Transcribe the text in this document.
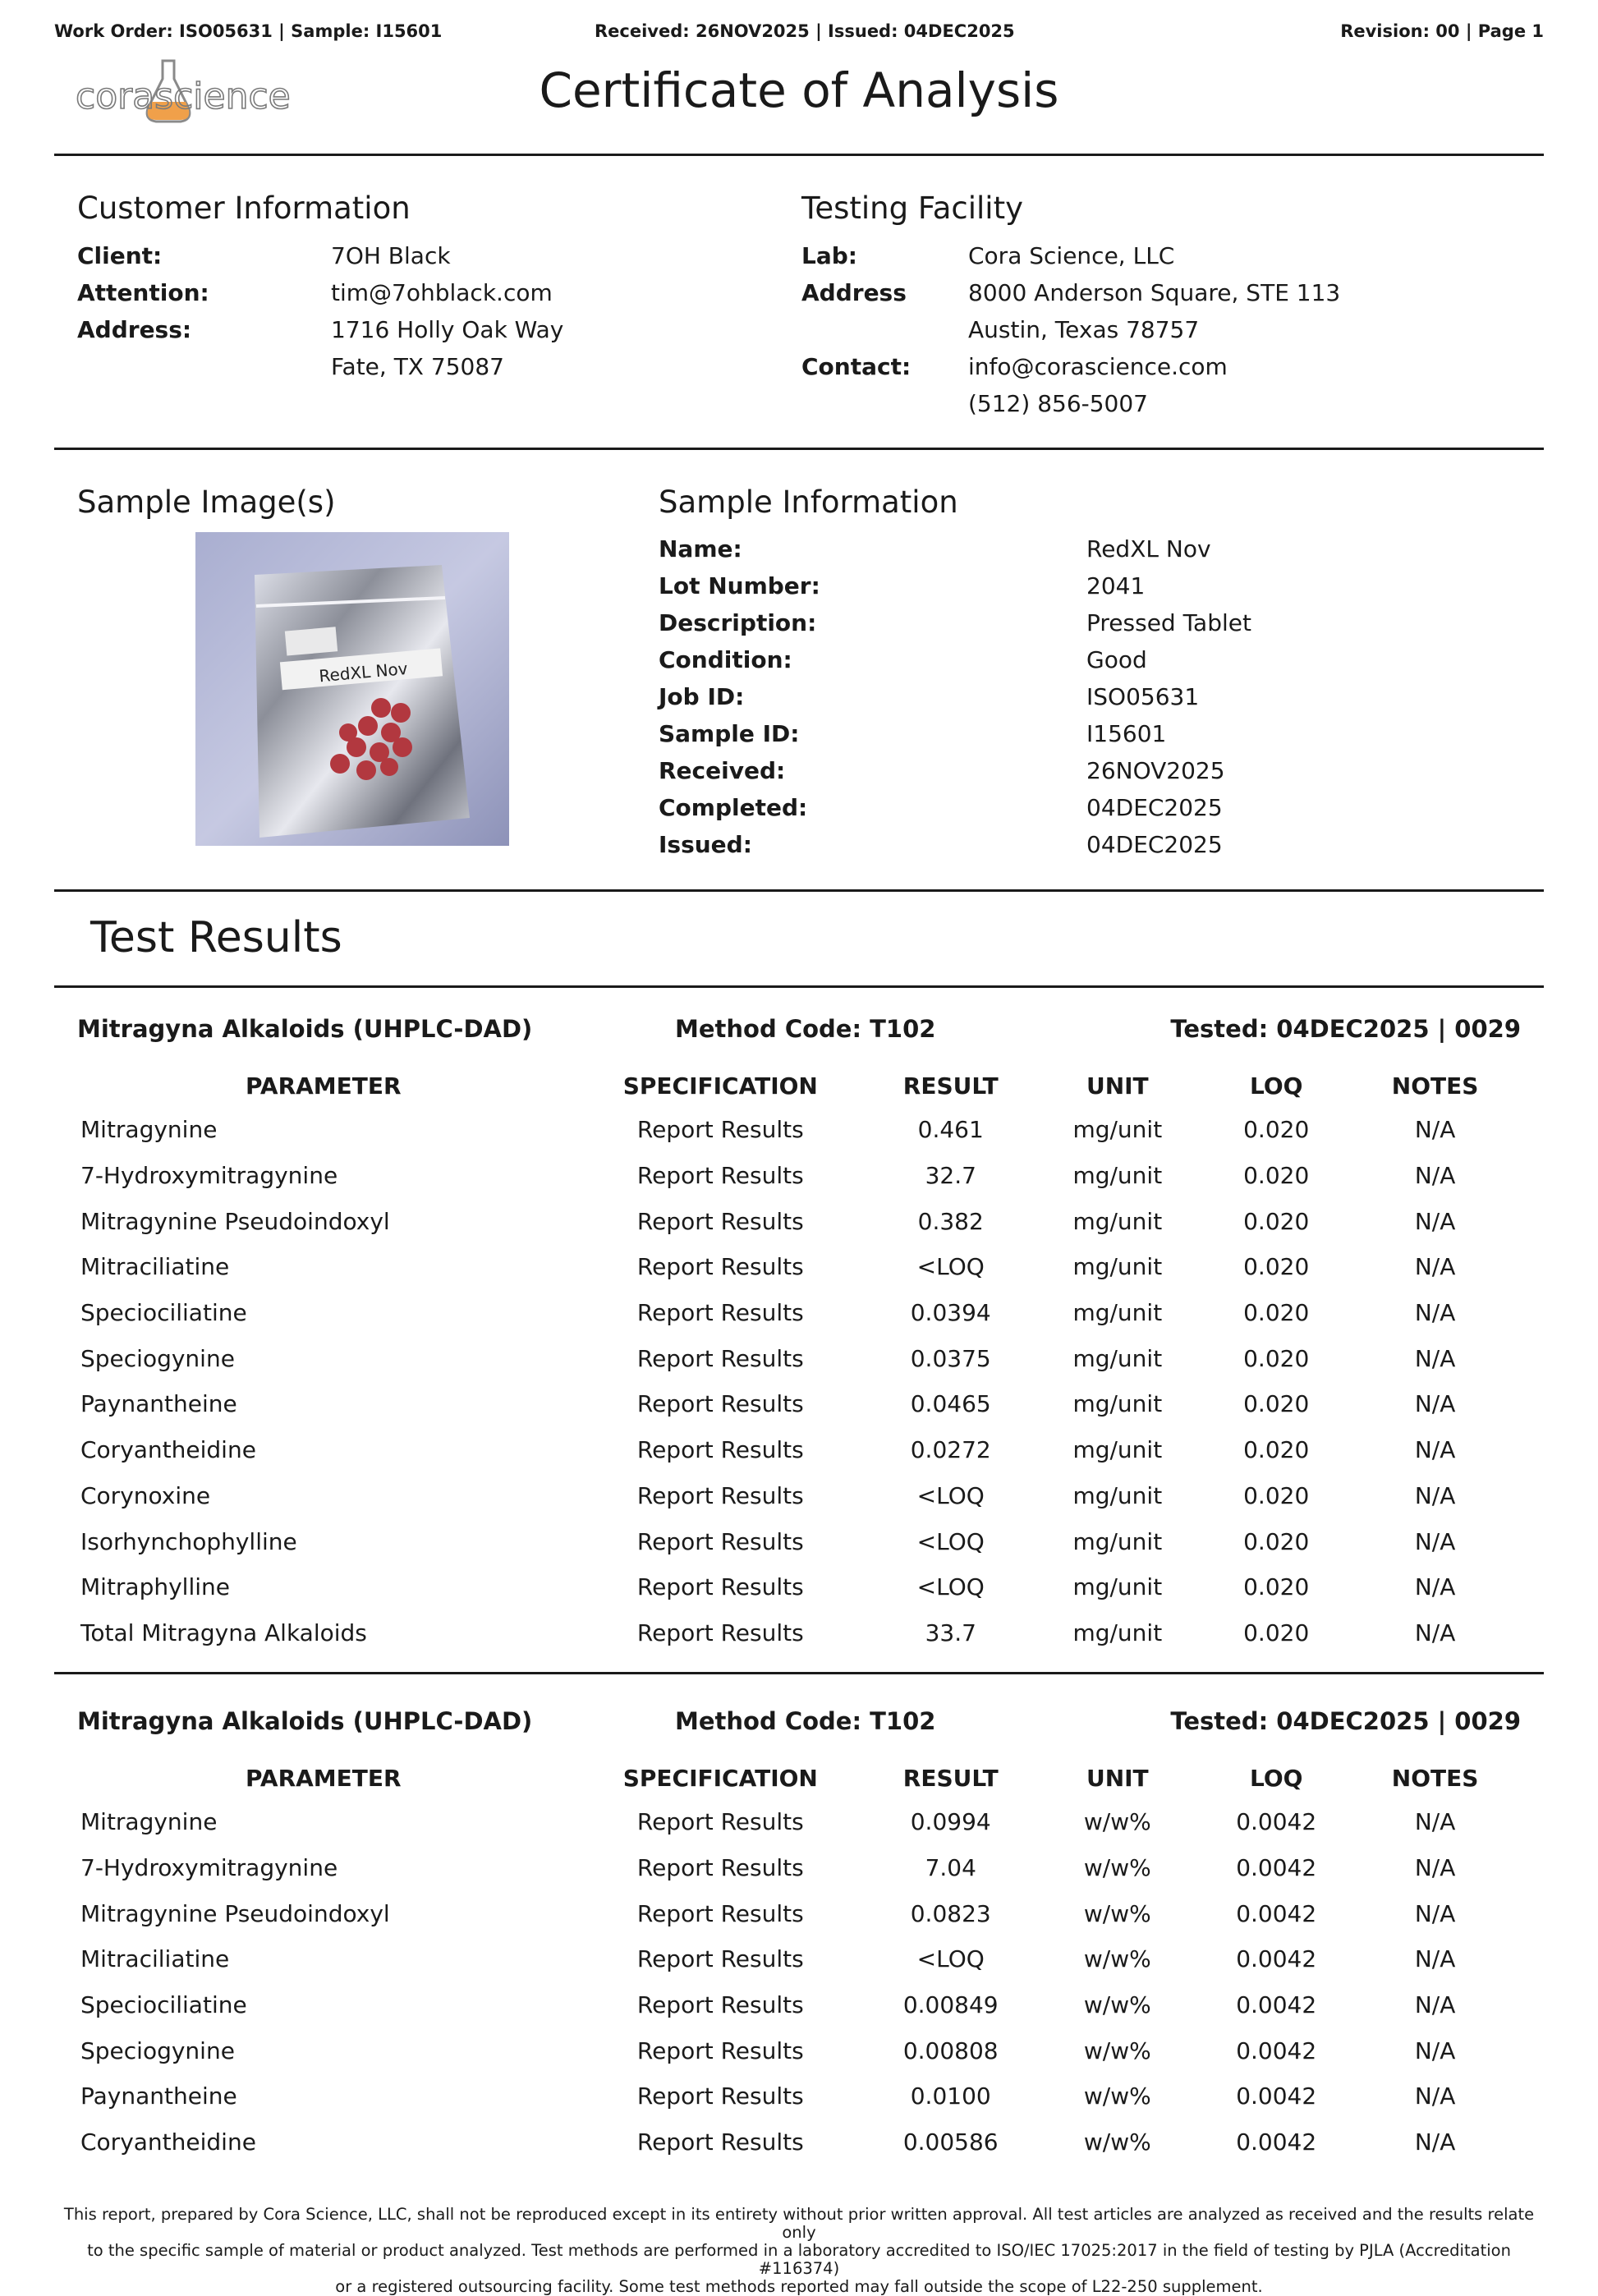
Work Order: ISO05631 | Sample: I15601	Received: 26NOV2025 | Issued: 04DEC2025	Revision: 00 | Page 1
corascience	Certificate of Analysis
Customer Information	Testing Facility
Sample Image(s)
RedXL Nov
Sample Information
Test Results
This report, prepared by Cora Science, LLC, shall not be reproduced except in its entirety without prior written approval. All test articles are analyzed as received and the results relate only
to the specific sample of material or product analyzed. Test methods are performed in a laboratory accredited to ISO/IEC 17025:2017 in the field of testing by PJLA (Accreditation #116374)
or a registered outsourcing facility. Some test methods reported may fall outside the scope of L22-250 supplement.
Client:	7OH Black
Attention:	tim@7ohblack.com
Address:	1716 Holly Oak Way
Fate, TX 75087
Lab:	Cora Science, LLC
Address	8000 Anderson Square, STE 113
Austin, Texas 78757
Contact: info@corascience.com
(512) 856-5007
Name:	RedXL Nov
Lot Number:	2041
Description:	Pressed Tablet
Condition:	Good
Job ID:	ISO05631
Sample ID:	I15601
Received:	26NOV2025
Completed:	04DEC2025
Issued:	04DEC2025
Mitragyna Alkaloids (UHPLC-DAD)	Method Code: T102	Tested: 04DEC2025 | 0029
PARAMETER	SPECIFICATION	RESULT	UNIT	LOQ	NOTES
Mitragynine	Report Results	0.461	mg/unit	0.020	N/A
7-Hydroxymitragynine	Report Results	32.7	mg/unit	0.020	N/A
Mitragynine Pseudoindoxyl	Report Results	0.382	mg/unit	0.020	N/A
Mitraciliatine	Report Results	<LOQ	mg/unit	0.020	N/A
Speciociliatine	Report Results	0.0394	mg/unit	0.020	N/A
Speciogynine	Report Results	0.0375	mg/unit	0.020	N/A
Paynantheine	Report Results	0.0465	mg/unit	0.020	N/A
Coryantheidine	Report Results	0.0272	mg/unit	0.020	N/A
Corynoxine	Report Results	<LOQ	mg/unit	0.020	N/A
Isorhynchophylline	Report Results	<LOQ	mg/unit	0.020	N/A
Mitraphylline	Report Results	<LOQ	mg/unit	0.020	N/A
Total Mitragyna Alkaloids	Report Results	33.7	mg/unit	0.020	N/A
Mitragyna Alkaloids (UHPLC-DAD)	Method Code: T102	Tested: 04DEC2025 | 0029
PARAMETER	SPECIFICATION	RESULT	UNIT	LOQ	NOTES
Mitragynine	Report Results	0.0994	w/w%	0.0042	N/A
7-Hydroxymitragynine	Report Results	7.04	w/w%	0.0042	N/A
Mitragynine Pseudoindoxyl	Report Results	0.0823	w/w%	0.0042	N/A
Mitraciliatine	Report Results	<LOQ	w/w%	0.0042	N/A
Speciociliatine	Report Results	0.00849	w/w%	0.0042	N/A
Speciogynine	Report Results	0.00808	w/w%	0.0042	N/A
Paynantheine	Report Results	0.0100	w/w%	0.0042	N/A
Coryantheidine	Report Results	0.00586	w/w%	0.0042	N/A
